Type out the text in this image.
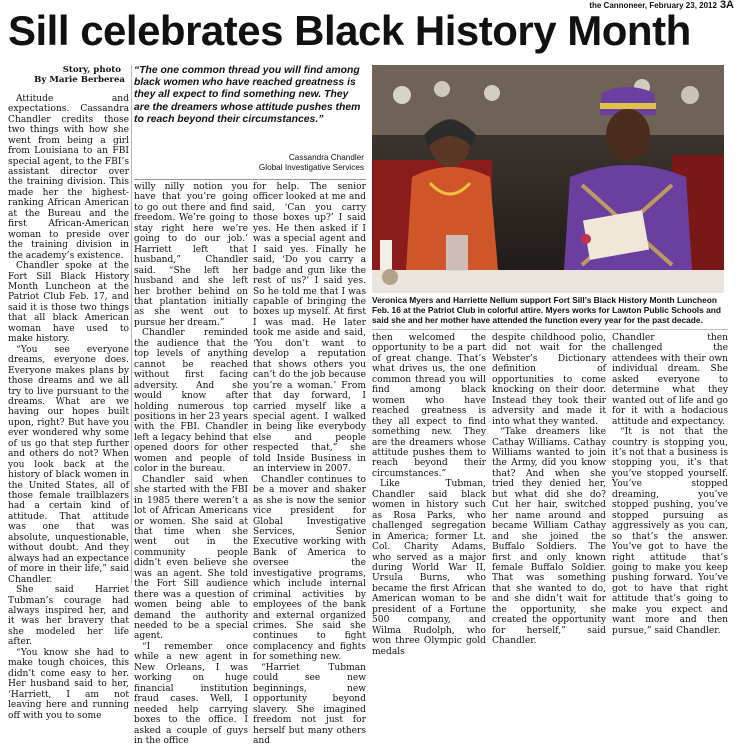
the Cannoneer, February 23, 2012 3A
Sill celebrates Black History Month
Story, photo
By Marie Berberea

Attitude and expectations. Cassandra Chandler credits those two things with how she went from being a girl from Louisiana to an FBI special agent, to the FBI’s assistant director over the training division. This made her the highest-ranking African American at the Bureau and the first African-American woman to preside over the training division in the academy’s existence.

Chandler spoke at the Fort Sill Black History Month Luncheon at the Patriot Club Feb. 17, and said it is those two things that all black American woman have used to make history.

“You see everyone dreams, everyone does. Everyone makes plans by those dreams and we all try to live pursuant to the dreams. What are we having our hopes built upon, right? But have you ever wondered why some of us go that step further and others do not? When you look back at the history of black women in the United States, all of those female trailblazers had a certain kind of attitude. That attitude was one that was absolute, unquestionable, without doubt. And they always had an expectance of more in their life,” said Chandler.

She said Harriet Tubman’s courage had always inspired her, and it was her bravery that she modeled her life after.

“You know she had to make tough choices, this didn’t come easy to her. Her husband said to her, ‘Harriett, I am not leaving here and running off with you to some

“The one common thread you will find among black women who have reached greatness is they all expect to find something new. They are the dreamers whose attitude pushes them to reach beyond their circumstances.”

Cassandra Chandler
Global Investigative Services

willy nilly notion you have that you’re going to go out there and find freedom. We’re going to stay right here we’re going to do our job.’ Harriett left that husband,” Chandler said. “She left her husband and she left her brother behind on that plantation initially as she went out to pursue her dream.”

Chandler reminded the audience that the top levels of anything cannot be reached without first facing adversity. And she would know after holding numerous top positions in her 23 years with the FBI. Chandler left a legacy behind that opened doors for other women and people of color in the bureau.

Chandler said when she started with the FBI in 1985 there weren’t a lot of African Americans or women. She said at that time when she went out in the community people didn’t even believe she was an agent. She told the Fort Sill audience there was a question of women being able to demand the authority needed to be a special agent.

“I remember once while a new agent in New Orleans, I was working on huge financial institution fraud cases. Well, I needed help carrying boxes to the office. I asked a couple of guys in the office

for help. The senior officer looked at me and said, ‘Can you carry those boxes up?’ I said yes. He then asked if I was a special agent and I said yes. Finally he said, ‘Do you carry a badge and gun like the rest of us?’ I said yes. So he told me that I was capable of bringing the boxes up myself. At first I was mad. He later took me aside and said, ‘You don’t want to develop a reputation that shows others you can’t do the job because you’re a woman.’ From that day forward, I carried myself like a special agent. I walked in being like everybody else and people respected that,” she told Inside Business in an interview in 2007.

Chandler continues to be a mover and shaker as she is now the senior vice president for Global Investigative Services, Senior Executive working with Bank of America to oversee the investigative programs, which include internal criminal activities by employees of the bank and external organized crimes. She said she continues to fight complacency and fights for something new.

“Harriet Tubman could see new beginnings, new opportunity beyond slavery. She imagined freedom not just for herself but many others and

Veronica Myers and Harriette Nellum support Fort Sill’s Black History Month Luncheon Feb. 16 at the Patriot Club in colorful attire. Myers works for Lawton Public Schools and said she and her mother have attended the function every year for the past decade.

then welcomed the opportunity to be a part of great change. That’s what drives us, the one common thread you will find among black women who have reached greatness is they all expect to find something new. They are the dreamers whose attitude pushes them to reach beyond their circumstances.”

Like Tubman, Chandler said black women in history such as Rosa Parks, who challenged segregation in America; former Lt. Col. Charity Adams, who served as a major during World War II, Ursula Burns, who became the first African American woman to be president of a Fortune 500 company, and Wilma Rudolph, who won three Olympic gold medals

despite childhood polio, did not wait for the Webster’s Dictionary definition of opportunities to come knocking on their door. Instead they took their adversity and made it into what they wanted.

“Take dreamers like Cathay Williams. Cathay Williams wanted to join the Army, did you know that? And when she tried they denied her, but what did she do? Cut her hair, switched her name around and became William Cathay and she joined the Buffalo Soldiers. The first and only known female Buffalo Soldier. That was something that she wanted to do, and she didn’t wait for the opportunity, she created the opportunity for herself,” said Chandler.

Chandler then challenged the attendees with their own individual dream. She asked everyone to determine what they wanted out of life and go for it with a hodacious attitude and expectancy.

“It is not that the country is stopping you, it’s not that a business is stopping you, it’s that you’ve stopped yourself. You’ve stopped dreaming, you’ve stopped pushing, you’ve stopped pursuing as aggressively as you can, so that’s the answer. You’ve got to have the right attitude that’s going to make you keep pushing forward. You’ve got to have that right attitude that’s going to make you expect and want more and then pursue,” said Chandler.
